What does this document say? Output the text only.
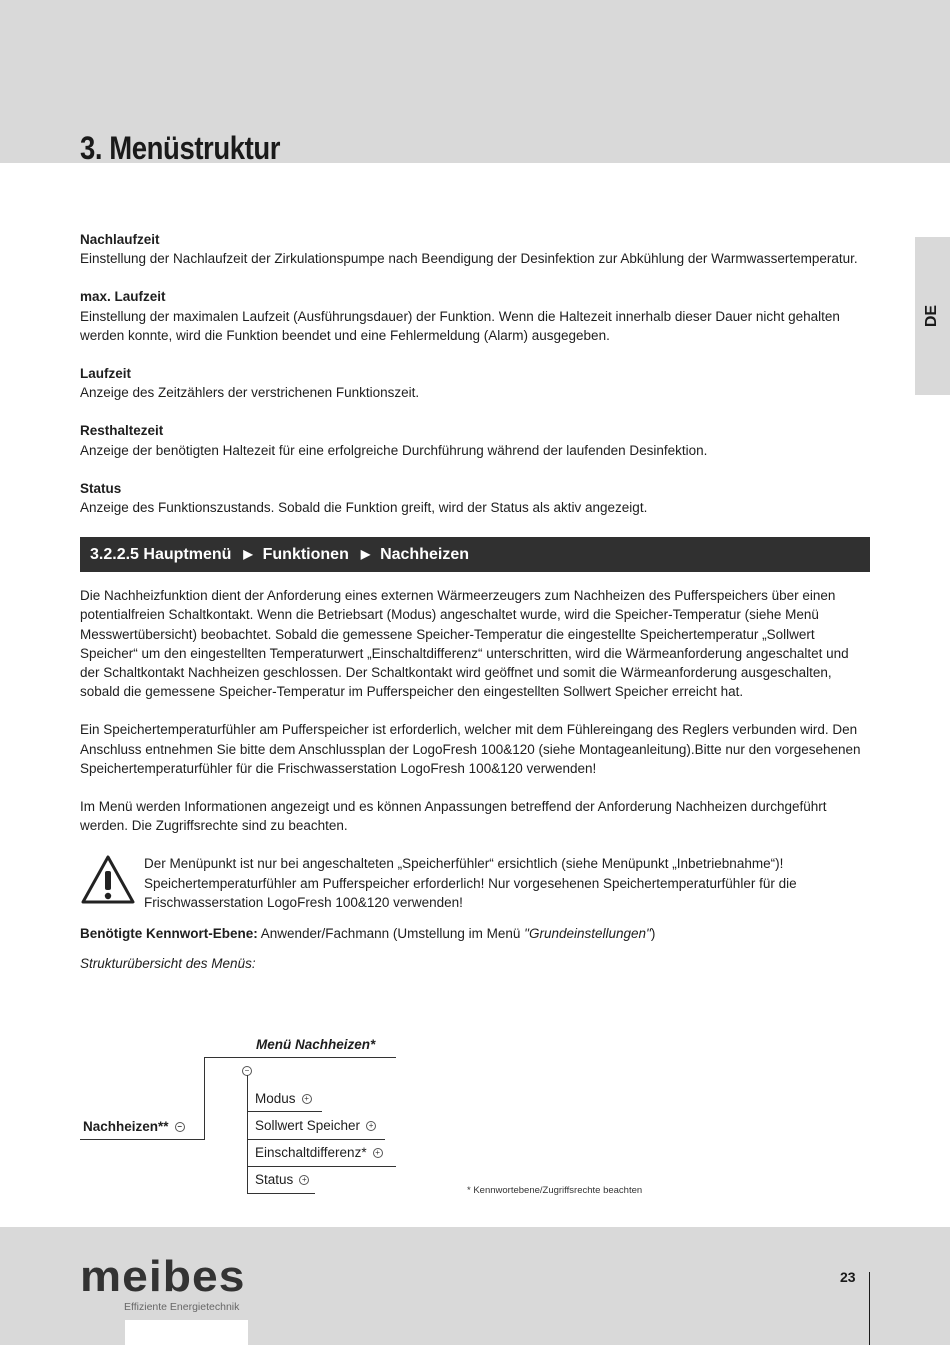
3. Menüstruktur
DE

Nachlaufzeit

Einstellung der Nachlaufzeit der Zirkulationspumpe nach Beendigung der Desinfektion zur Abkühlung der Warmwassertemperatur.

max. Laufzeit

Einstellung der maximalen Laufzeit (Ausführungsdauer) der Funktion. Wenn die Haltezeit innerhalb dieser Dauer nicht gehalten werden konnte, wird die Funktion beendet und eine Fehlermeldung (Alarm) ausgegeben.

Laufzeit

Anzeige des Zeitzählers der verstrichenen Funktionszeit.

Resthaltezeit

Anzeige der benötigten Haltezeit für eine erfolgreiche Durchführung während der laufenden Desinfektion.

Status

Anzeige des Funktionszustands. Sobald die Funktion greift, wird der Status als aktiv angezeigt.

3.2.2.5
Hauptmenü ▶ Funktionen ▶ Nachheizen

Die Nachheizfunktion dient der Anforderung eines externen Wärmeerzeugers zum Nachheizen des Pufferspeichers über einen potentialfreien Schaltkontakt. Wenn die Betriebsart (Modus) angeschaltet wurde, wird die Speicher-Temperatur (siehe Menü Messwertübersicht) beobachtet. Sobald die gemessene Speicher-Temperatur die eingestellte Speichertemperatur „Sollwert Speicher“ um den eingestellten Temperaturwert „Einschaltdifferenz“ unterschritten, wird die Wärmeanforderung angeschaltet und der Schaltkontakt Nachheizen geschlossen. Der Schaltkontakt wird geöffnet und somit die Wärmeanforderung ausgeschalten, sobald die gemessene Speicher-Temperatur im Pufferspeicher den eingestellten Sollwert Speicher erreicht hat.

Ein Speichertemperaturfühler am Pufferspeicher ist erforderlich, welcher mit dem Fühlereingang des Reglers verbunden wird. Den Anschluss entnehmen Sie bitte dem Anschlussplan der LogoFresh 100&120 (siehe Montageanleitung).Bitte nur den vorgesehenen Speichertemperaturfühler für die Frischwasserstation LogoFresh 100&120 verwenden!

Im Menü werden Informationen angezeigt und es können Anpassungen betreffend der Anforderung Nachheizen durchgeführt werden. Die Zugriffsrechte sind zu beachten.

Der Menüpunkt ist nur bei angeschalteten „Speicherfühler“ ersichtlich (siehe Menüpunkt „Inbetriebnahme“)! Speichertemperaturfühler am Pufferspeicher erforderlich! Nur vorgesehenen Speichertemperaturfühler für die Frischwasserstation LogoFresh 100&120 verwenden!

Benötigte Kennwort-Ebene: Anwender/Fachmann (Umstellung im Menü "Grundeinstellungen")

Strukturübersicht des Menüs:

Menü Nachheizen*
−
Nachheizen** −
Modus +
Sollwert Speicher +
Einschaltdifferenz* +
Status +
* Kennwortebene/Zugriffsrechte beachten
meibes
Effiziente Energietechnik
23
